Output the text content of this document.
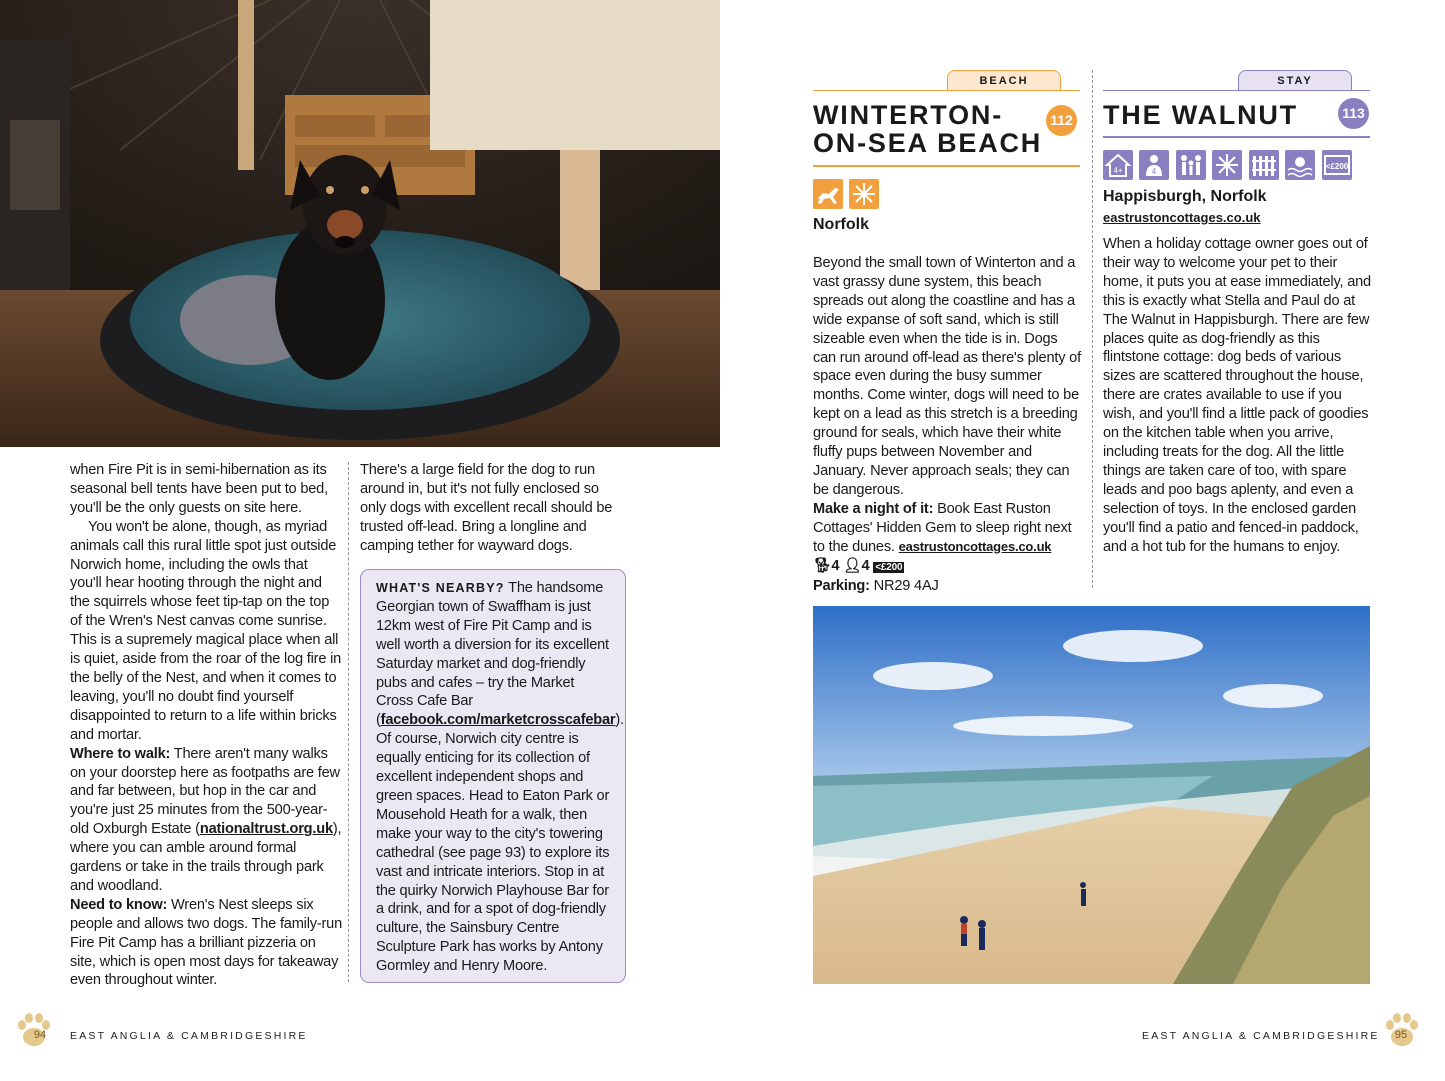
when Fire Pit is in semi-hibernation as its seasonal bell tents have been put to bed, you'll be the only guests on site here.

You won't be alone, though, as myriad animals call this rural little spot just outside Norwich home, including the owls that you'll hear hooting through the night and the squirrels whose feet tip-tap on the top of the Wren's Nest canvas come sunrise. This is a supremely magical place when all is quiet, aside from the roar of the log fire in the belly of the Nest, and when it comes to leaving, you'll no doubt find yourself disappointed to return to a life within bricks and mortar.

Where to walk: There aren't many walks on your doorstep here as footpaths are few and far between, but hop in the car and you're just 25 minutes from the 500-year-old Oxburgh Estate (nationaltrust.org.uk), where you can amble around formal gardens or take in the trails through park and woodland.

Need to know: Wren's Nest sleeps six people and allows two dogs. The family-run Fire Pit Camp has a brilliant pizzeria on site, which is open most days for takeaway even throughout winter.

There's a large field for the dog to run around in, but it's not fully enclosed so only dogs with excellent recall should be trusted off-lead. Bring a longline and camping tether for wayward dogs.

WHAT'S NEARBY? The handsome Georgian town of Swaffham is just 12km west of Fire Pit Camp and is well worth a diversion for its excellent Saturday market and dog-friendly pubs and cafes – try the Market Cross Cafe Bar (facebook.com/marketcrosscafebar). Of course, Norwich city centre is equally enticing for its collection of excellent independent shops and green spaces. Head to Eaton Park or Mousehold Heath for a walk, then make your way to the city's towering cathedral (see page 93) to explore its vast and intricate interiors. Stop in at the quirky Norwich Playhouse Bar for a drink, and for a spot of dog-friendly culture, the Sainsbury Centre Sculpture Park has works by Antony Gormley and Henry Moore.

BEACH
WINTERTON-
ON-SEA BEACH
112

Norfolk

Beyond the small town of Winterton and a vast grassy dune system, this beach spreads out along the coastline and has a wide expanse of soft sand, which is still sizeable even when the tide is in. Dogs can run around off-lead as there's plenty of space even during the busy summer months. Come winter, dogs will need to be kept on a lead as this stretch is a breeding ground for seals, which have their white fluffy pups between November and January. Never approach seals; they can be dangerous.

Make a night of it: Book East Ruston Cottages' Hidden Gem to sleep right next to the dunes. eastrustoncottages.co.uk

🐕︎4 👤︎4 <£200

Parking: NR29 4AJ

STAY
THE WALNUT	113
4+
	4

<£200
Happisburgh, Norfolk
eastrustoncottages.co.uk

When a holiday cottage owner goes out of their way to welcome your pet to their home, it puts you at ease immediately, and this is exactly what Stella and Paul do at The Walnut in Happisburgh. There are few places quite as dog-friendly as this flintstone cottage: dog beds of various sizes are scattered throughout the house, there are crates available to use if you wish, and you'll find a little pack of goodies on the kitchen table when you arrive, including treats for the dog. All the little things are taken care of too, with spare leads and poo bags aplenty, and even a selection of toys. In the enclosed garden you'll find a patio and fenced-in paddock, and a hot tub for the humans to enjoy.

94	EAST ANGLIA & CAMBRIDGESHIRE	EAST ANGLIA & CAMBRIDGESHIRE	95
